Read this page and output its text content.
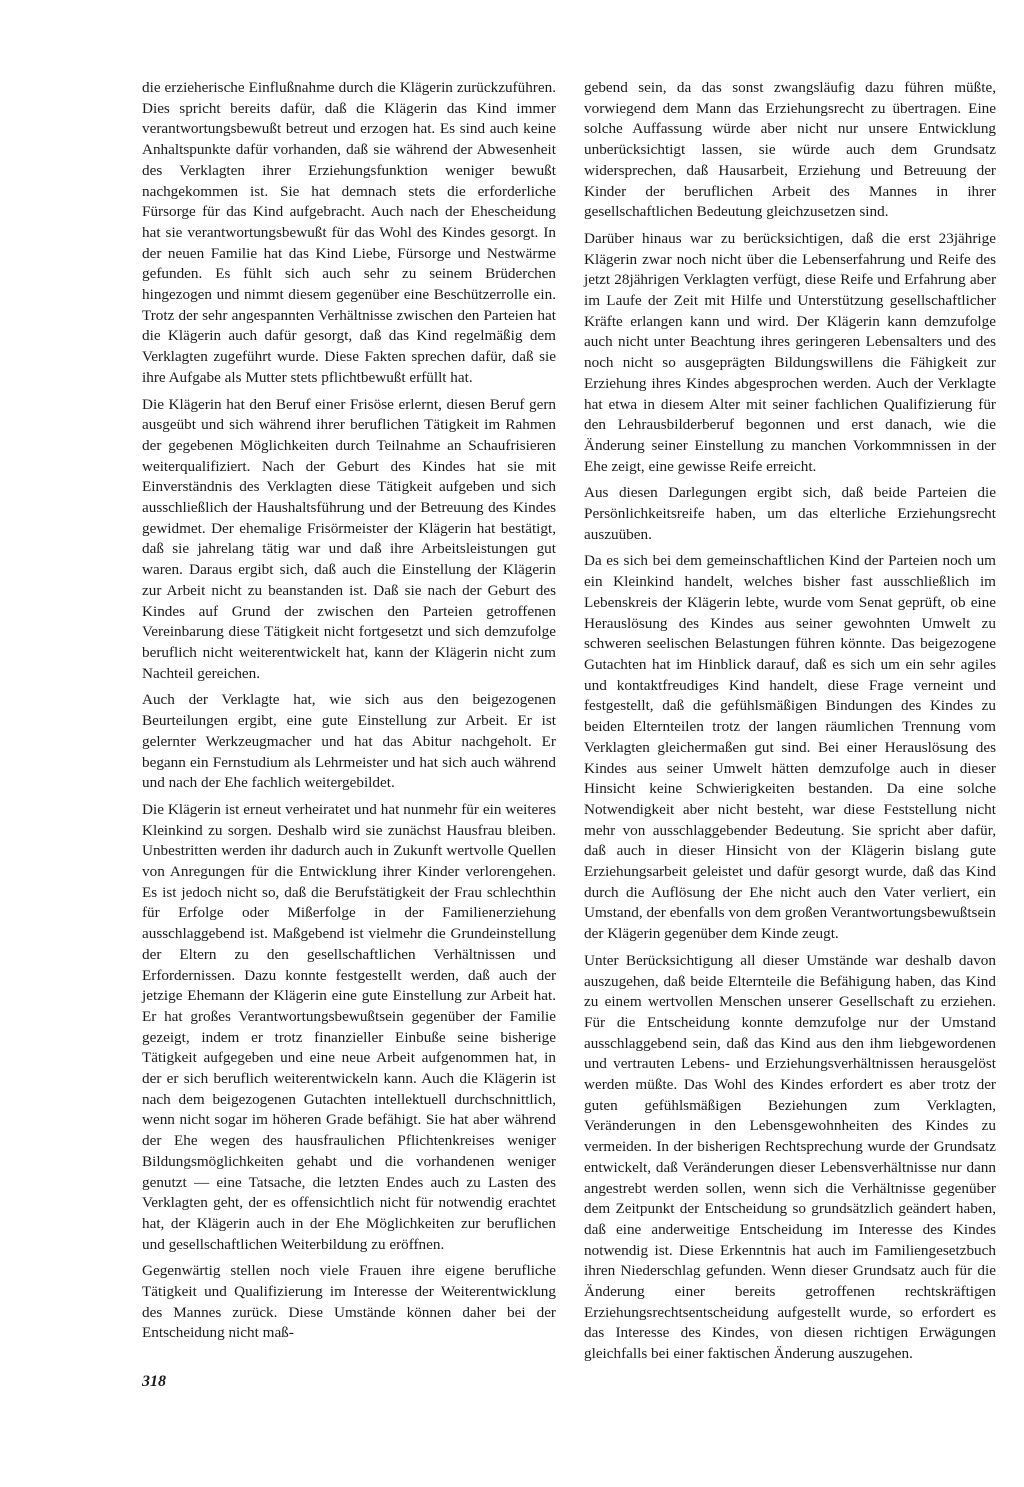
die erzieherische Einflußnahme durch die Klägerin zurückzuführen. Dies spricht bereits dafür, daß die Klägerin das Kind immer verantwortungsbewußt betreut und erzogen hat. Es sind auch keine Anhaltspunkte dafür vorhanden, daß sie während der Abwesenheit des Verklagten ihrer Erziehungsfunktion weniger bewußt nachgekommen ist. Sie hat demnach stets die erforderliche Fürsorge für das Kind aufgebracht. Auch nach der Ehescheidung hat sie verantwortungsbewußt für das Wohl des Kindes gesorgt. In der neuen Familie hat das Kind Liebe, Fürsorge und Nestwärme gefunden. Es fühlt sich auch sehr zu seinem Brüderchen hingezogen und nimmt diesem gegenüber eine Beschützerrolle ein. Trotz der sehr angespannten Verhältnisse zwischen den Parteien hat die Klägerin auch dafür gesorgt, daß das Kind regelmäßig dem Verklagten zugeführt wurde. Diese Fakten sprechen dafür, daß sie ihre Aufgabe als Mutter stets pflichtbewußt erfüllt hat.

Die Klägerin hat den Beruf einer Frisöse erlernt, diesen Beruf gern ausgeübt und sich während ihrer beruflichen Tätigkeit im Rahmen der gegebenen Möglichkeiten durch Teilnahme an Schaufrisieren weiterqualifiziert. Nach der Geburt des Kindes hat sie mit Einverständnis des Verklagten diese Tätigkeit aufgeben und sich ausschließlich der Haushaltsführung und der Betreuung des Kindes gewidmet. Der ehemalige Frisörmeister der Klägerin hat bestätigt, daß sie jahrelang tätig war und daß ihre Arbeitsleistungen gut waren. Daraus ergibt sich, daß auch die Einstellung der Klägerin zur Arbeit nicht zu beanstanden ist. Daß sie nach der Geburt des Kindes auf Grund der zwischen den Parteien getroffenen Vereinbarung diese Tätigkeit nicht fortgesetzt und sich demzufolge beruflich nicht weiterentwickelt hat, kann der Klägerin nicht zum Nachteil gereichen.

Auch der Verklagte hat, wie sich aus den beigezogenen Beurteilungen ergibt, eine gute Einstellung zur Arbeit. Er ist gelernter Werkzeugmacher und hat das Abitur nachgeholt. Er begann ein Fernstudium als Lehrmeister und hat sich auch während und nach der Ehe fachlich weitergebildet.

Die Klägerin ist erneut verheiratet und hat nunmehr für ein weiteres Kleinkind zu sorgen. Deshalb wird sie zunächst Hausfrau bleiben. Unbestritten werden ihr dadurch auch in Zukunft wertvolle Quellen von Anregungen für die Entwicklung ihrer Kinder verlorengehen. Es ist jedoch nicht so, daß die Berufstätigkeit der Frau schlechthin für Erfolge oder Mißerfolge in der Familienerziehung ausschlaggebend ist. Maßgebend ist vielmehr die Grundeinstellung der Eltern zu den gesellschaftlichen Verhältnissen und Erfordernissen. Dazu konnte festgestellt werden, daß auch der jetzige Ehemann der Klägerin eine gute Einstellung zur Arbeit hat. Er hat großes Verantwortungsbewußtsein gegenüber der Familie gezeigt, indem er trotz finanzieller Einbuße seine bisherige Tätigkeit aufgegeben und eine neue Arbeit aufgenommen hat, in der er sich beruflich weiterentwickeln kann. Auch die Klägerin ist nach dem beigezogenen Gutachten intellektuell durchschnittlich, wenn nicht sogar im höheren Grade befähigt. Sie hat aber während der Ehe wegen des hausfraulichen Pflichtenkreises weniger Bildungsmöglichkeiten gehabt und die vorhandenen weniger genutzt — eine Tatsache, die letzten Endes auch zu Lasten des Verklagten geht, der es offensichtlich nicht für notwendig erachtet hat, der Klägerin auch in der Ehe Möglichkeiten zur beruflichen und gesellschaftlichen Weiterbildung zu eröffnen.

Gegenwärtig stellen noch viele Frauen ihre eigene berufliche Tätigkeit und Qualifizierung im Interesse der Weiterentwicklung des Mannes zurück. Diese Umstände können daher bei der Entscheidung nicht maß-

gebend sein, da das sonst zwangsläufig dazu führen müßte, vorwiegend dem Mann das Erziehungsrecht zu übertragen. Eine solche Auffassung würde aber nicht nur unsere Entwicklung unberücksichtigt lassen, sie würde auch dem Grundsatz widersprechen, daß Hausarbeit, Erziehung und Betreuung der Kinder der beruflichen Arbeit des Mannes in ihrer gesellschaftlichen Bedeutung gleichzusetzen sind.

Darüber hinaus war zu berücksichtigen, daß die erst 23jährige Klägerin zwar noch nicht über die Lebenserfahrung und Reife des jetzt 28jährigen Verklagten verfügt, diese Reife und Erfahrung aber im Laufe der Zeit mit Hilfe und Unterstützung gesellschaftlicher Kräfte erlangen kann und wird. Der Klägerin kann demzufolge auch nicht unter Beachtung ihres geringeren Lebensalters und des noch nicht so ausgeprägten Bildungswillens die Fähigkeit zur Erziehung ihres Kindes abgesprochen werden. Auch der Verklagte hat etwa in diesem Alter mit seiner fachlichen Qualifizierung für den Lehrausbilderberuf begonnen und erst danach, wie die Änderung seiner Einstellung zu manchen Vorkommnissen in der Ehe zeigt, eine gewisse Reife erreicht.

Aus diesen Darlegungen ergibt sich, daß beide Parteien die Persönlichkeitsreife haben, um das elterliche Erziehungsrecht auszuüben.

Da es sich bei dem gemeinschaftlichen Kind der Parteien noch um ein Kleinkind handelt, welches bisher fast ausschließlich im Lebenskreis der Klägerin lebte, wurde vom Senat geprüft, ob eine Herauslösung des Kindes aus seiner gewohnten Umwelt zu schweren seelischen Belastungen führen könnte. Das beigezogene Gutachten hat im Hinblick darauf, daß es sich um ein sehr agiles und kontaktfreudiges Kind handelt, diese Frage verneint und festgestellt, daß die gefühlsmäßigen Bindungen des Kindes zu beiden Elternteilen trotz der langen räumlichen Trennung vom Verklagten gleichermaßen gut sind. Bei einer Herauslösung des Kindes aus seiner Umwelt hätten demzufolge auch in dieser Hinsicht keine Schwierigkeiten bestanden. Da eine solche Notwendigkeit aber nicht besteht, war diese Feststellung nicht mehr von ausschlaggebender Bedeutung. Sie spricht aber dafür, daß auch in dieser Hinsicht von der Klägerin bislang gute Erziehungsarbeit geleistet und dafür gesorgt wurde, daß das Kind durch die Auflösung der Ehe nicht auch den Vater verliert, ein Umstand, der ebenfalls von dem großen Verantwortungsbewußtsein der Klägerin gegenüber dem Kinde zeugt.

Unter Berücksichtigung all dieser Umstände war deshalb davon auszugehen, daß beide Elternteile die Befähigung haben, das Kind zu einem wertvollen Menschen unserer Gesellschaft zu erziehen. Für die Entscheidung konnte demzufolge nur der Umstand ausschlaggebend sein, daß das Kind aus den ihm liebgewordenen und vertrauten Lebens- und Erziehungsverhältnissen herausgelöst werden müßte. Das Wohl des Kindes erfordert es aber trotz der guten gefühlsmäßigen Beziehungen zum Verklagten, Veränderungen in den Lebensgewohnheiten des Kindes zu vermeiden. In der bisherigen Rechtsprechung wurde der Grundsatz entwickelt, daß Veränderungen dieser Lebensverhältnisse nur dann angestrebt werden sollen, wenn sich die Verhältnisse gegenüber dem Zeitpunkt der Entscheidung so grundsätzlich geändert haben, daß eine anderweitige Entscheidung im Interesse des Kindes notwendig ist. Diese Erkenntnis hat auch im Familiengesetzbuch ihren Niederschlag gefunden. Wenn dieser Grundsatz auch für die Änderung einer bereits getroffenen rechtskräftigen Erziehungsrechtsentscheidung aufgestellt wurde, so erfordert es das Interesse des Kindes, von diesen richtigen Erwägungen gleichfalls bei einer faktischen Änderung auszugehen.

318
